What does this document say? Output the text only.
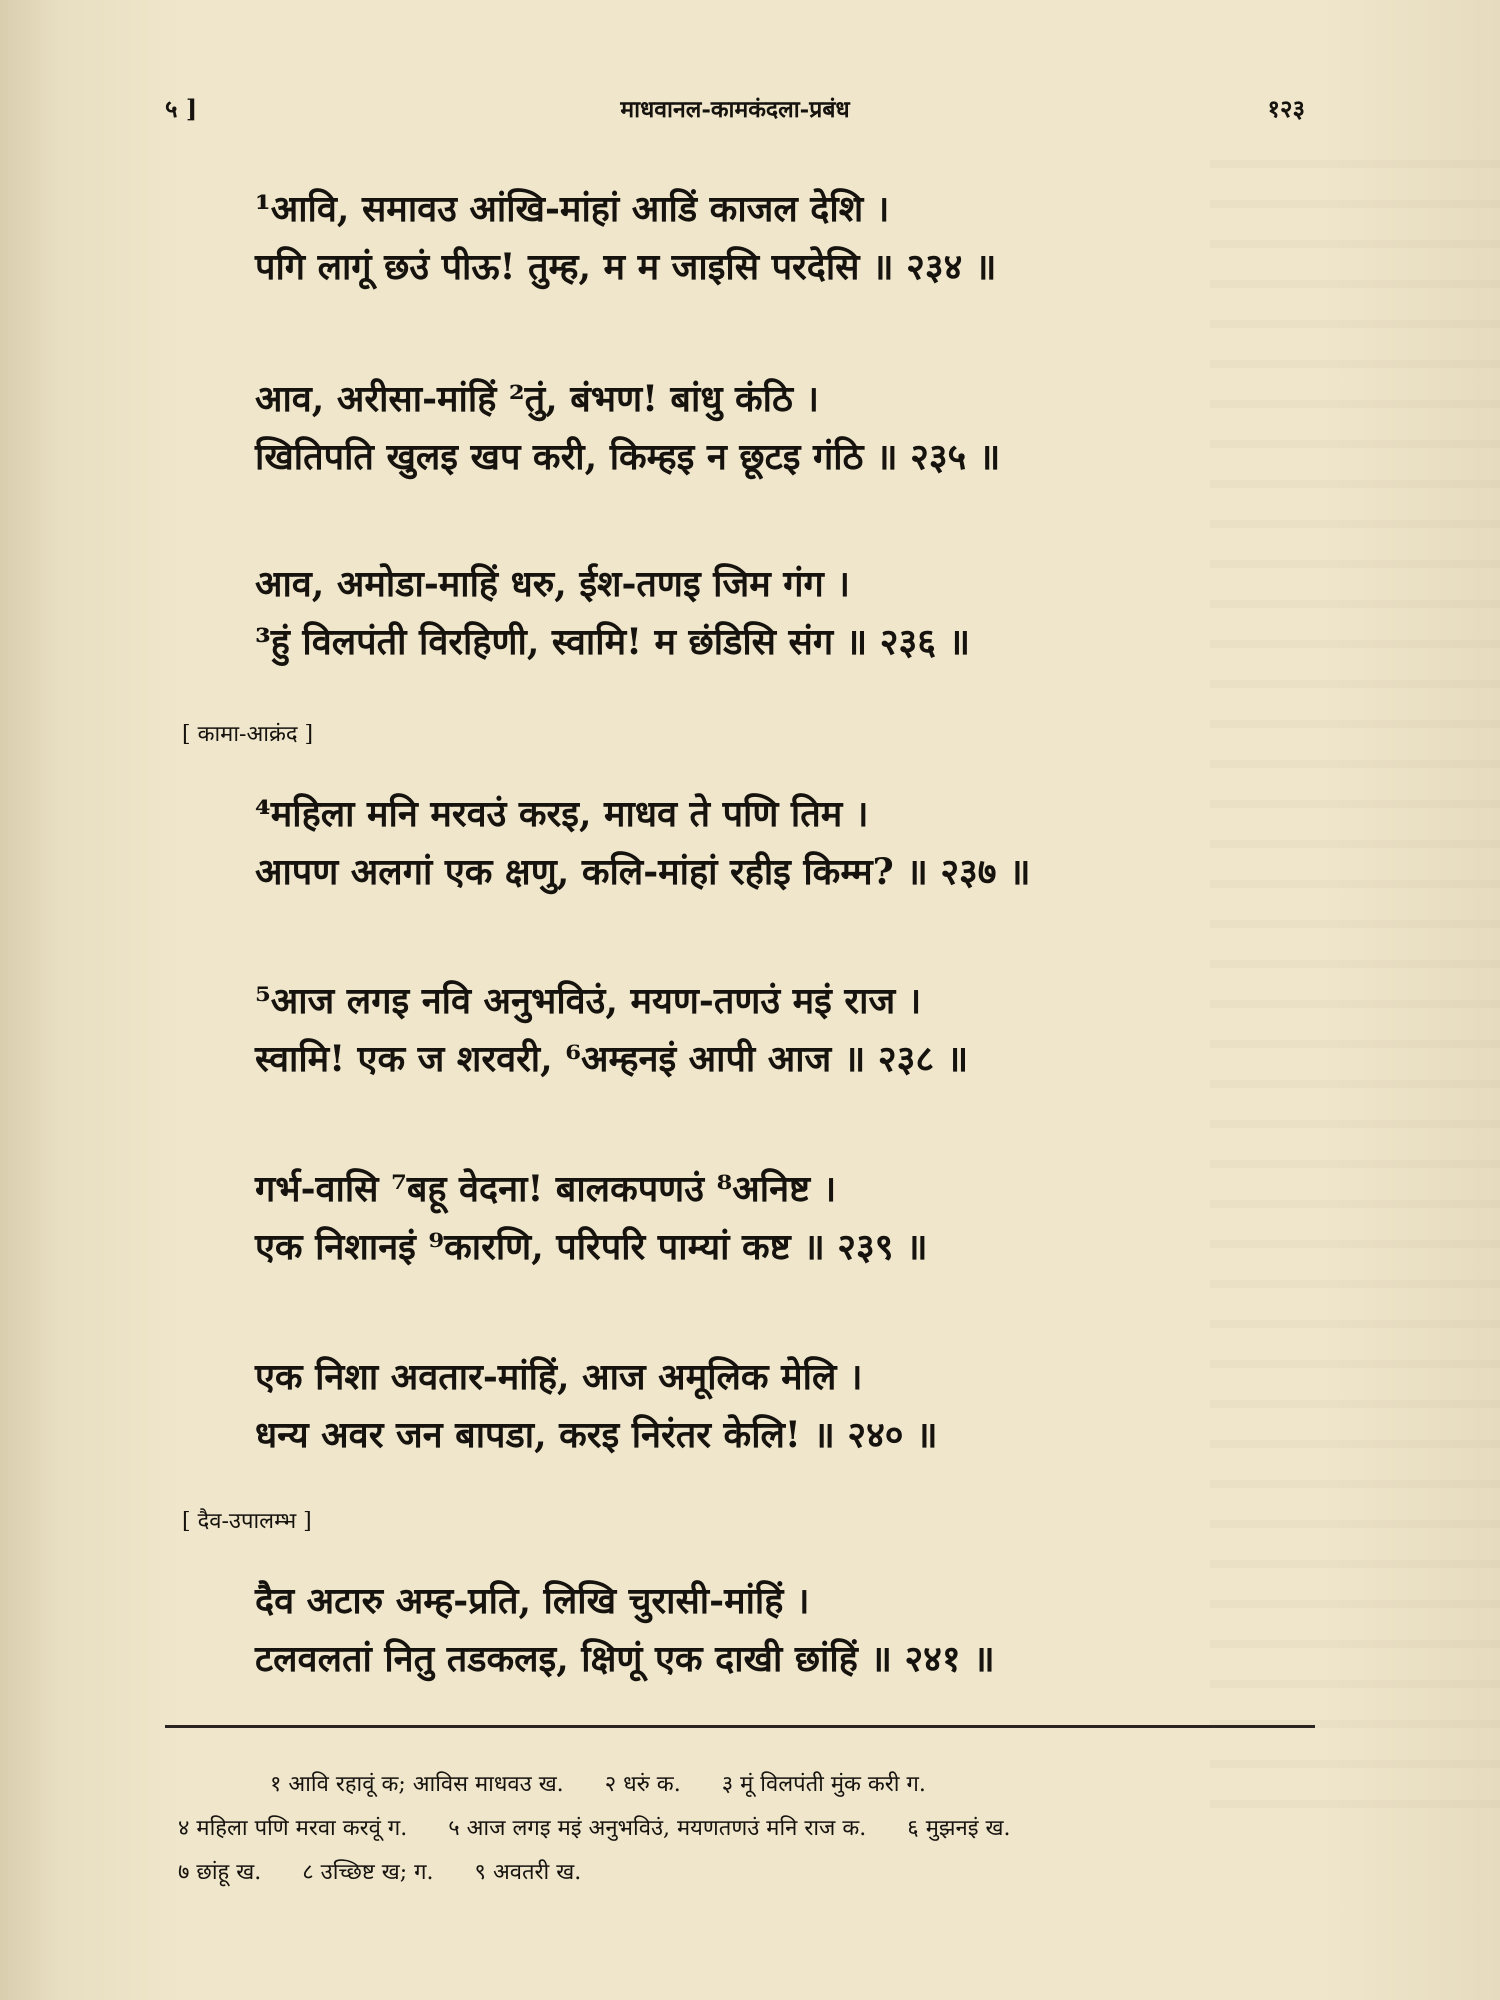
५ ]	माधवानल-कामकंदला-प्रबंध	१२३
¹आवि, समावउ आंखि-मांहां आडिं काजल देशि ।
पगि लागूं छउं पीऊ! तुम्ह, म म जाइसि परदेसि ॥ २३४ ॥
आव, अरीसा-मांहिं ²तुं, बंभण! बांधु कंठि ।
खितिपति खुलइ खप करी, किम्हइ न छूटइ गंठि ॥ २३५ ॥
आव, अमोडा-माहिं धरु, ईश-तणइ जिम गंग ।
³हुं विलपंती विरहिणी, स्वामि! म छंडिसि संग ॥ २३६ ॥
[ कामा-आक्रंद ]
⁴महिला मनि मरवउं करइ, माधव ते पणि तिम ।
आपण अलगां एक क्षणु, कलि-मांहां रहीइ किम्म? ॥ २३७ ॥
⁵आज लगइ नवि अनुभविउं, मयण-तणउं मइं राज ।
स्वामि! एक ज शरवरी, ⁶अम्हनइं आपी आज ॥ २३८ ॥
गर्भ-वासि ⁷बहू वेदना! बालकपणउं ⁸अनिष्ट ।
एक निशानइं ⁹कारणि, परिपरि पाम्यां कष्ट ॥ २३९ ॥
एक निशा अवतार-मांहिं, आज अमूलिक मेलि ।
धन्य अवर जन बापडा, करइ निरंतर केलि! ॥ २४० ॥
[ दैव-उपालम्भ ]
दैव अटारु अम्ह-प्रति, लिखि चुरासी-मांहिं ।
टलवलतां नितु तडकलइ, क्षिणूं एक दाखी छांहिं ॥ २४१ ॥
१ आवि रहावूं क; आविस माधवउ ख. २ धरुं क. ३ मूं विलपंती मुंक करी ग.
४ महिला पणि मरवा करवूं ग. ५ आज लगइ मइं अनुभविउं, मयणतणउं मनि राज क. ६ मुझनइं ख.
७ छांहू ख. ८ उच्छिष्ट ख; ग. ९ अवतरी ख.
